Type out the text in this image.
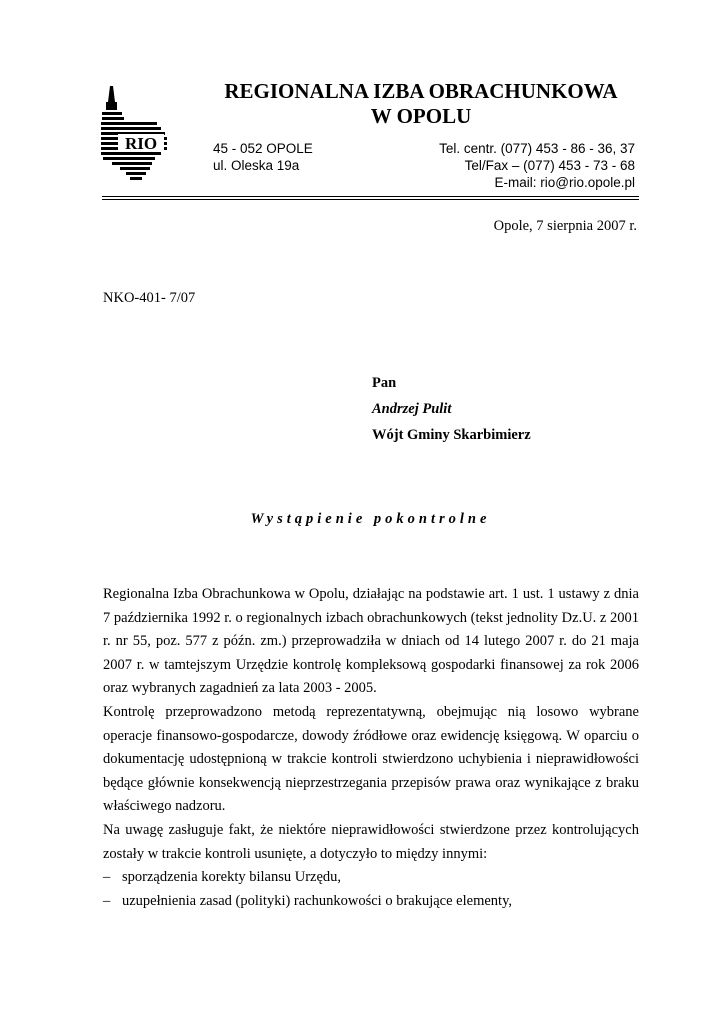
RIO
REGIONALNA IZBA OBRACHUNKOWA
W OPOLU
45 - 052 OPOLE
ul. Oleska 19a
Tel. centr. (077) 453 - 86 - 36, 37
Tel/Fax – (077) 453 - 73 - 68
E-mail: rio@rio.opole.pl
Opole, 7 sierpnia 2007 r.
NKO-401- 7/07
Pan
Andrzej Pulit
Wójt Gminy Skarbimierz
Wystąpienie pokontrolne

Regionalna Izba Obrachunkowa w Opolu, działając na podstawie art. 1 ust. 1 ustawy z dnia 7 października 1992 r. o regionalnych izbach obrachunkowych (tekst jednolity Dz.U. z 2001 r. nr 55, poz. 577 z późn. zm.) przeprowadziła w dniach od 14 lutego 2007 r. do 21 maja 2007 r. w tamtejszym Urzędzie kontrolę kompleksową gospodarki finansowej za rok 2006 oraz wybranych zagadnień za lata 2003 - 2005.

Kontrolę przeprowadzono metodą reprezentatywną, obejmując nią losowo wybrane operacje finansowo-gospodarcze, dowody źródłowe oraz ewidencję księgową. W oparciu o dokumentację udostępnioną w trakcie kontroli stwierdzono uchybienia i nieprawidłowości będące głównie konsekwencją nieprzestrzegania przepisów prawa oraz wynikające z braku właściwego nadzoru.

Na uwagę zasługuje fakt, że niektóre nieprawidłowości stwierdzone przez kontrolujących zostały w trakcie kontroli usunięte, a dotyczyło to między innymi:

– sporządzenia korekty bilansu Urzędu,
– uzupełnienia zasad (polityki) rachunkowości o brakujące elementy,
